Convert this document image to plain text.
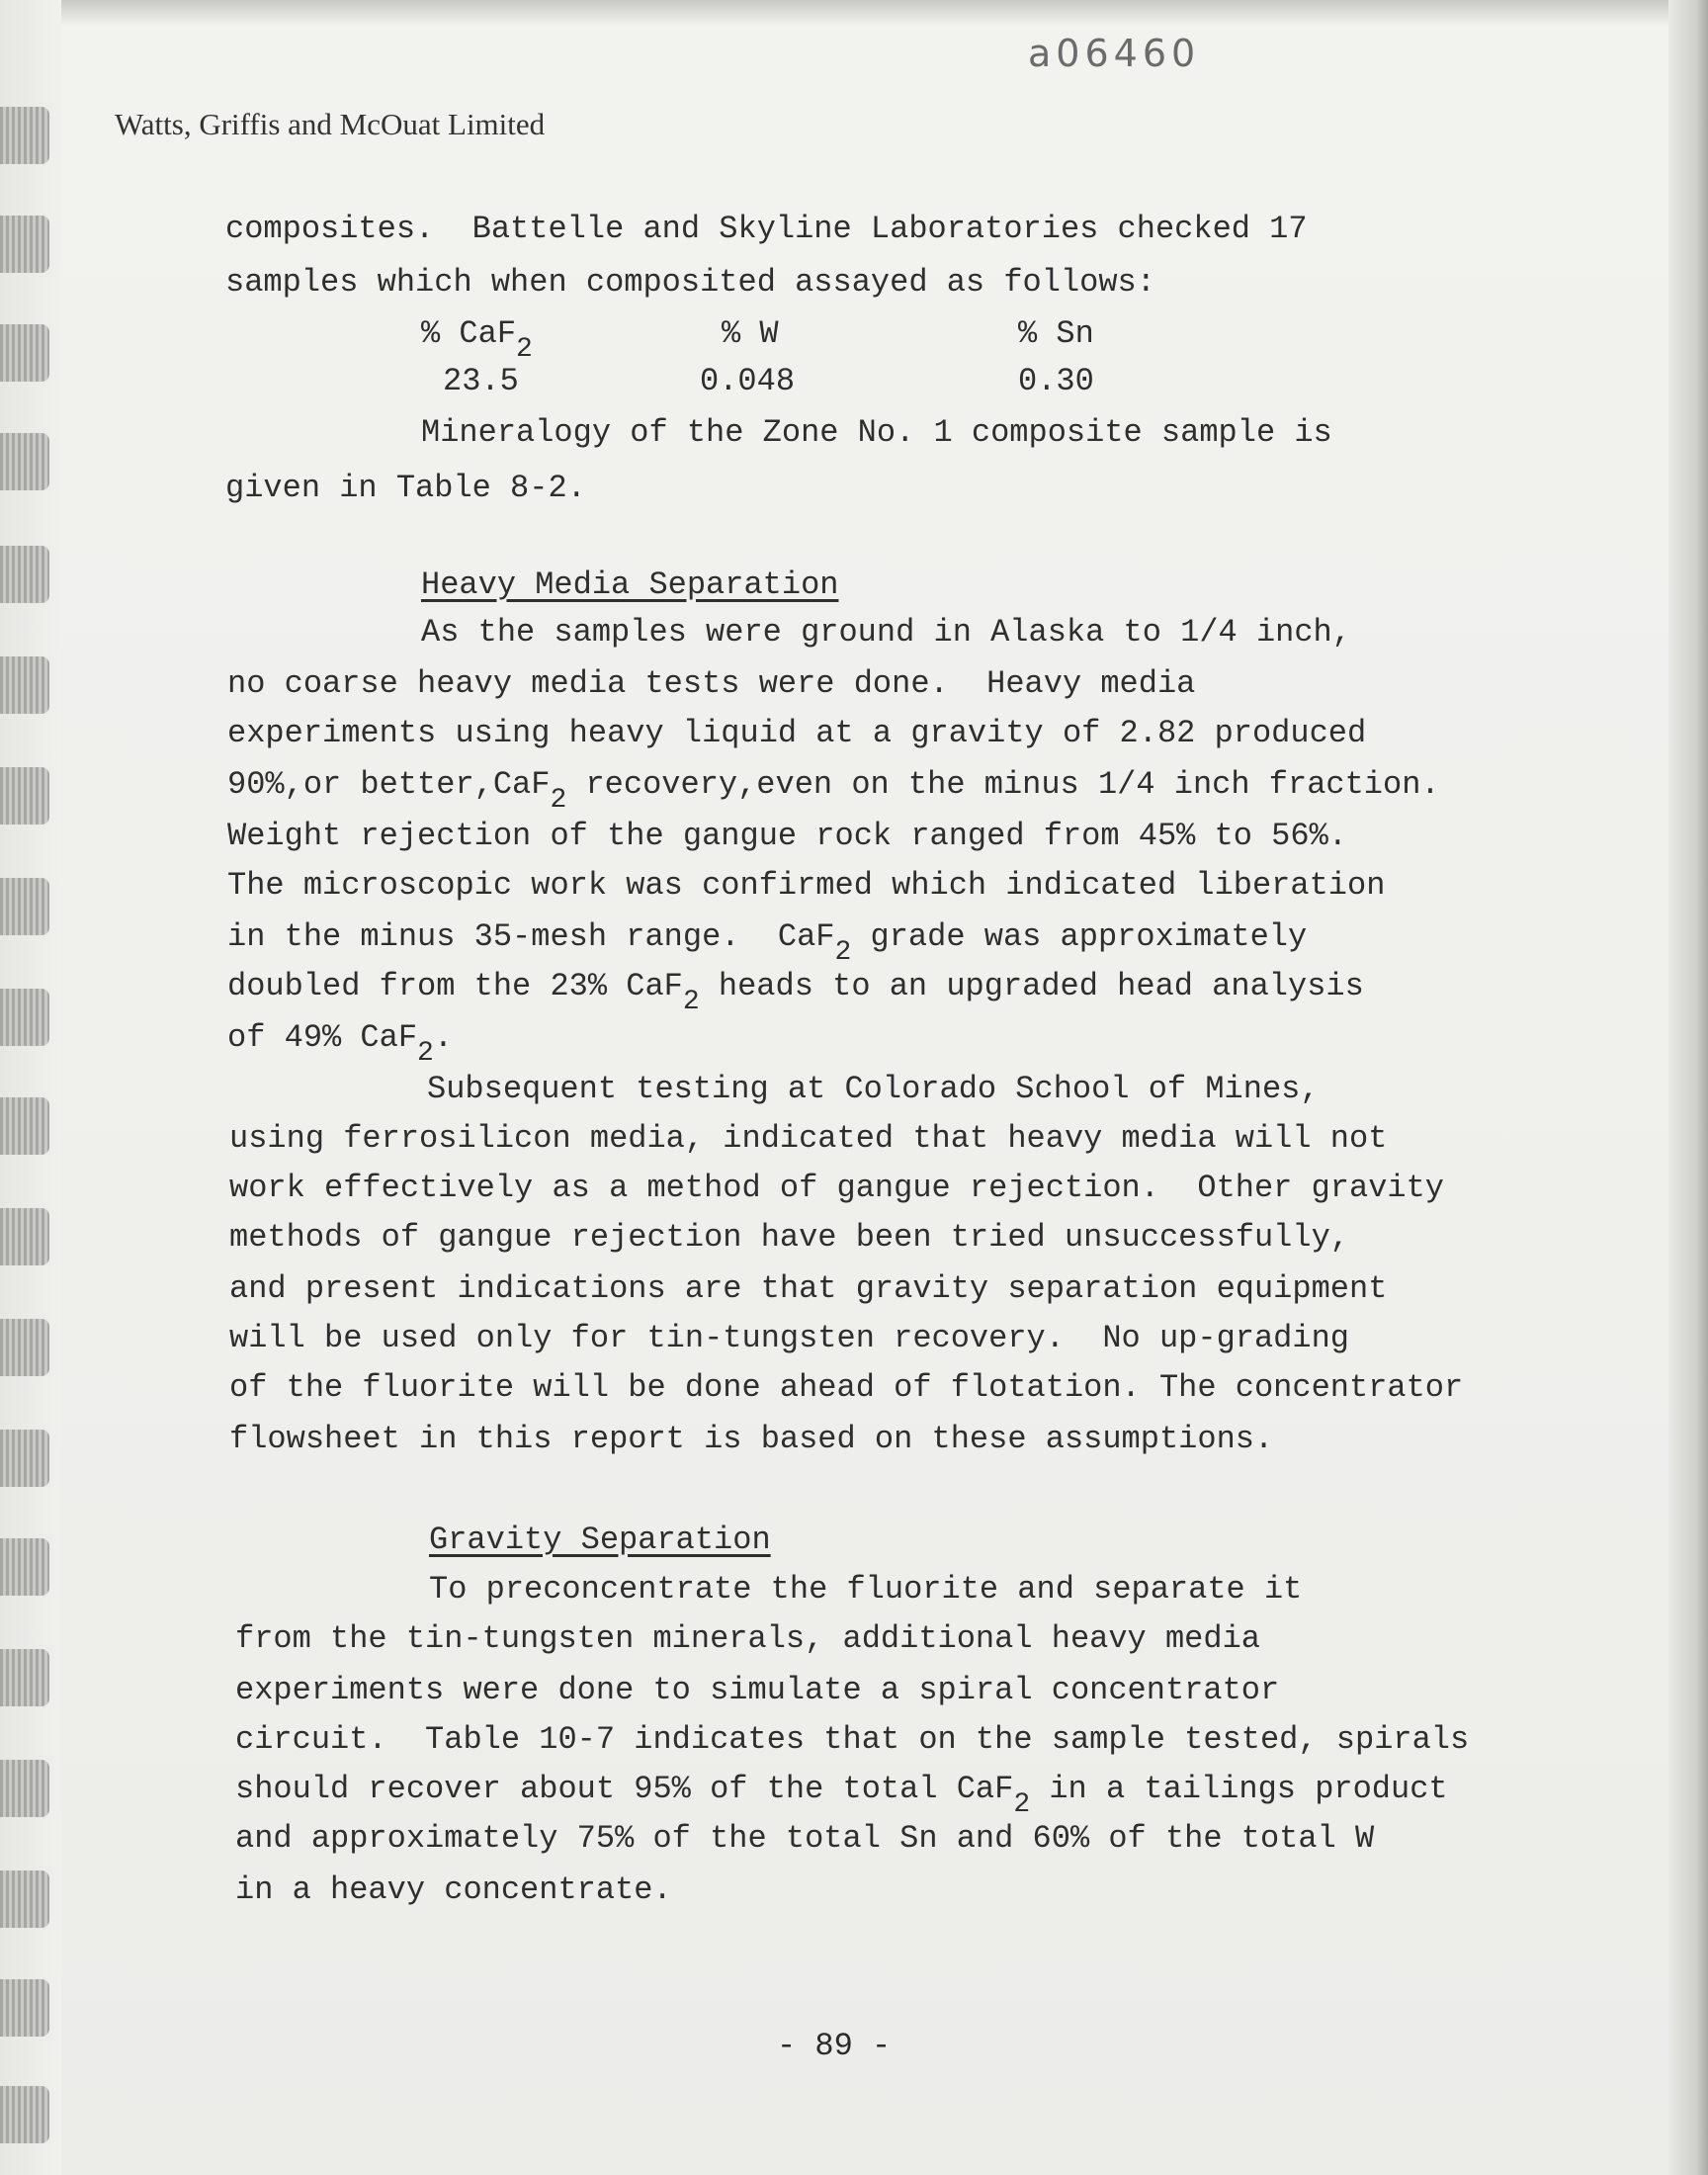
a06460
Watts, Griffis and McOuat Limited
composites.  Battelle and Skyline Laboratories checked 17
samples which when composited assayed as follows:
% CaF$_2$	% W	% Sn
23.5	0.048	0.30
Mineralogy of the Zone No. 1 composite sample is
given in Table 8-2.
Heavy Media Separation
As the samples were ground in Alaska to 1/4 inch,
no coarse heavy media tests were done.  Heavy media
experiments using heavy liquid at a gravity of 2.82 produced
90%,or better,CaF$_2$ recovery,even on the minus 1/4 inch fraction.
Weight rejection of the gangue rock ranged from 45% to 56%.
The microscopic work was confirmed which indicated liberation
in the minus 35-mesh range.  CaF$_2$ grade was approximately
doubled from the 23% CaF$_2$ heads to an upgraded head analysis
of 49% CaF$_2$.
Subsequent testing at Colorado School of Mines,
using ferrosilicon media, indicated that heavy media will not
work effectively as a method of gangue rejection.  Other gravity
methods of gangue rejection have been tried unsuccessfully,
and present indications are that gravity separation equipment
will be used only for tin-tungsten recovery.  No up-grading
of the fluorite will be done ahead of flotation. The concentrator
flowsheet in this report is based on these assumptions.
Gravity Separation
To preconcentrate the fluorite and separate it
from the tin-tungsten minerals, additional heavy media
experiments were done to simulate a spiral concentrator
circuit.  Table 10-7 indicates that on the sample tested, spirals
should recover about 95% of the total CaF$_2$ in a tailings product
and approximately 75% of the total Sn and 60% of the total W
in a heavy concentrate.
- 89 -
